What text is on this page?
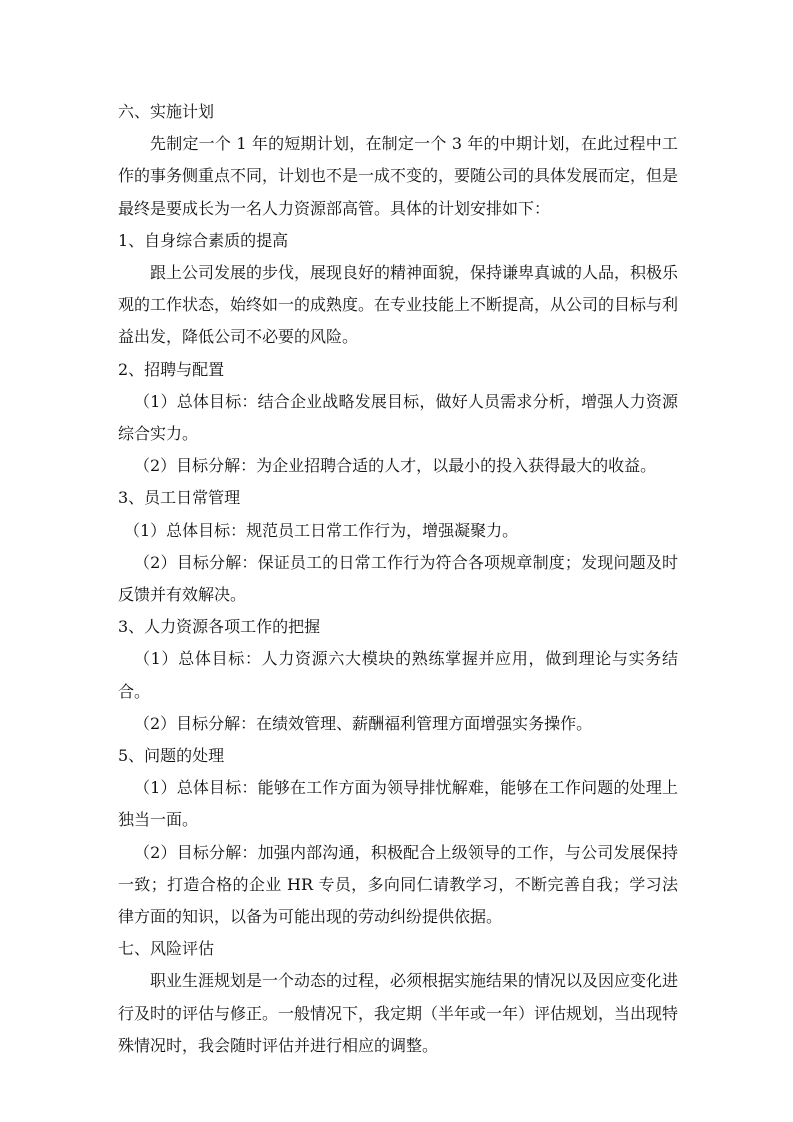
六、实施计划

先制定一个 1 年的短期计划，在制定一个 3 年的中期计划，在此过程中工作的事务侧重点不同，计划也不是一成不变的，要随公司的具体发展而定，但是最终是要成长为一名人力资源部高管。具体的计划安排如下：

1、自身综合素质的提高

跟上公司发展的步伐，展现良好的精神面貌，保持谦卑真诚的人品，积极乐观的工作状态，始终如一的成熟度。在专业技能上不断提高，从公司的目标与利益出发，降低公司不必要的风险。

2、招聘与配置

（1）总体目标：结合企业战略发展目标，做好人员需求分析，增强人力资源综合实力。

（2）目标分解：为企业招聘合适的人才，以最小的投入获得最大的收益。

3、员工日常管理

（1）总体目标：规范员工日常工作行为，增强凝聚力。

（2）目标分解：保证员工的日常工作行为符合各项规章制度；发现问题及时反馈并有效解决。

3、人力资源各项工作的把握

（1）总体目标：人力资源六大模块的熟练掌握并应用，做到理论与实务结合。

（2）目标分解：在绩效管理、薪酬福利管理方面增强实务操作。

5、问题的处理

（1）总体目标：能够在工作方面为领导排忧解难，能够在工作问题的处理上独当一面。

（2）目标分解：加强内部沟通，积极配合上级领导的工作，与公司发展保持一致；打造合格的企业 HR 专员，多向同仁请教学习，不断完善自我；学习法律方面的知识，以备为可能出现的劳动纠纷提供依据。

七、风险评估

职业生涯规划是一个动态的过程，必须根据实施结果的情况以及因应变化进行及时的评估与修正。一般情况下，我定期（半年或一年）评估规划，当出现特殊情况时，我会随时评估并进行相应的调整。
